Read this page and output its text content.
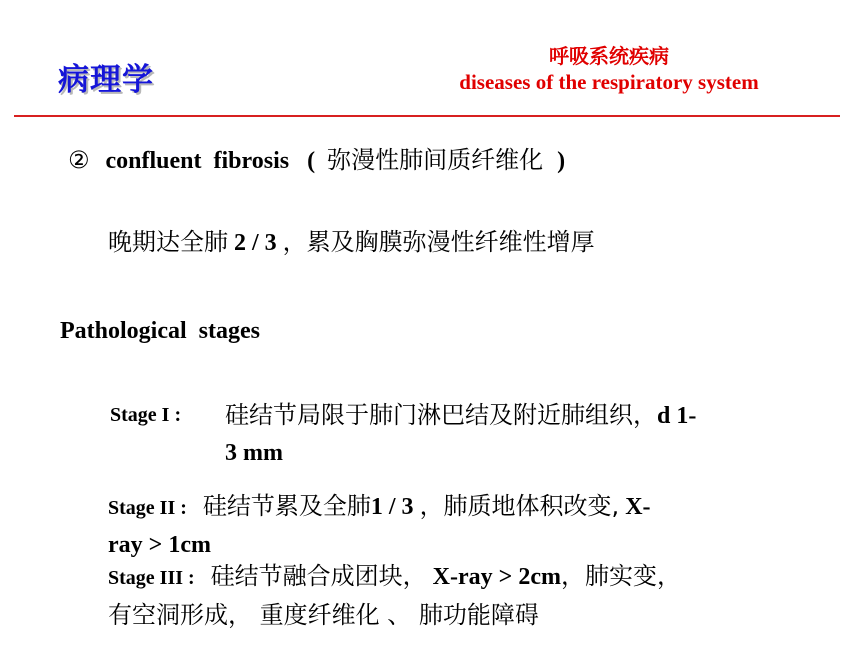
病理学
呼吸系统疾病
diseases of the respiratory system
② confluent  fibrosis ( 弥漫性肺间质纤维化 )
晚期达全肺 2 / 3 ，累及胸膜弥漫性纤维性增厚
Pathological  stages
Stage I : 硅结节局限于肺门淋巴结及附近肺组织，d 1-
3 mm
Stage II : 硅结节累及全肺1 / 3 ，肺质地体积改变, X-
ray > 1cm
Stage III : 硅结节融合成团块， X-ray > 2cm，肺实变，
有空洞形成， 重度纤维化 、 肺功能障碍
